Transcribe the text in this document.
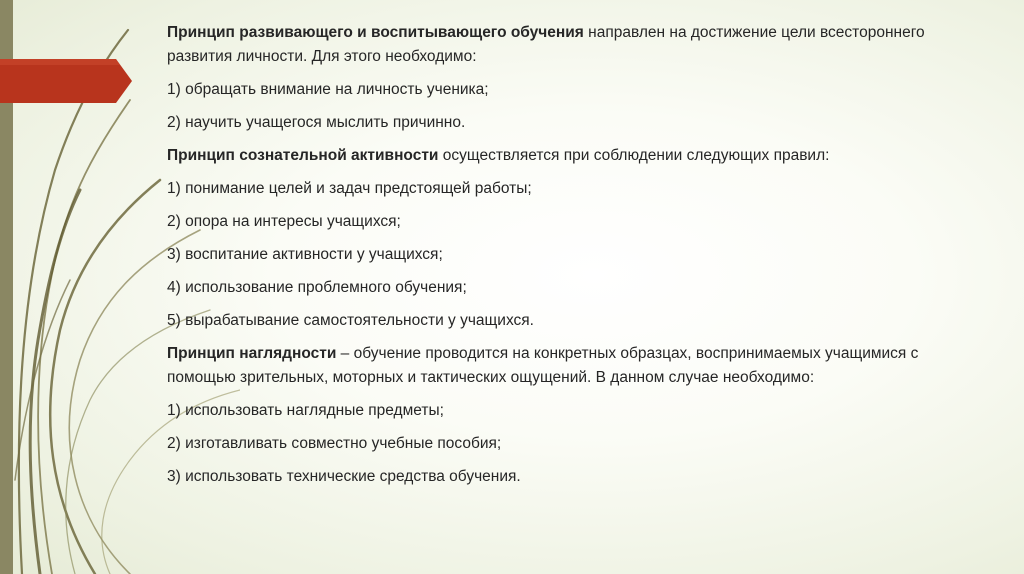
Принцип развивающего и воспитывающего обучения направлен на достижение цели всестороннего развития личности. Для этого необходимо:

1) обращать внимание на личность ученика;

2) научить учащегося мыслить причинно.

Принцип сознательной активности осуществляется при соблюдении следующих правил:

1) понимание целей и задач предстоящей работы;

2) опора на интересы учащихся;

3) воспитание активности у учащихся;

4) использование проблемного обучения;

5) вырабатывание самостоятельности у учащихся.

Принцип наглядности – обучение проводится на конкретных образцах, воспринимаемых учащимися с помощью зрительных, моторных и тактических ощущений. В данном случае необходимо:

1) использовать наглядные предметы;

2) изготавливать совместно учебные пособия;

3) использовать технические средства обучения.
